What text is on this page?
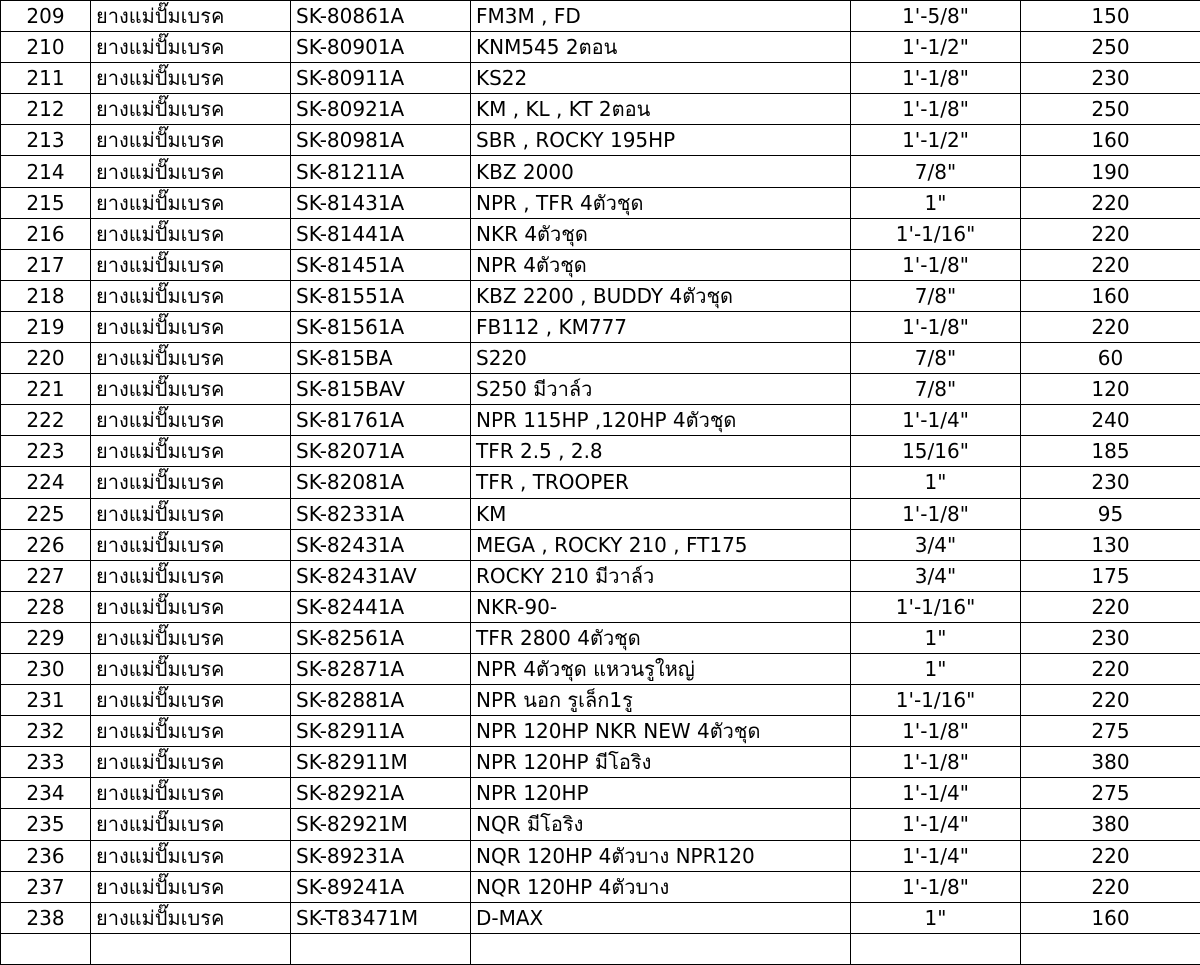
209	ยางแม่ปั๊มเบรค	SK-80861A	FM3M , FD	1'-5/8"	150
210	ยางแม่ปั๊มเบรค	SK-80901A	KNM545 2ตอน	1'-1/2"	250
211	ยางแม่ปั๊มเบรค	SK-80911A	KS22	1'-1/8"	230
212	ยางแม่ปั๊มเบรค	SK-80921A	KM , KL , KT 2ตอน	1'-1/8"	250
213	ยางแม่ปั๊มเบรค	SK-80981A	SBR , ROCKY 195HP	1'-1/2"	160
214	ยางแม่ปั๊มเบรค	SK-81211A	KBZ 2000	7/8"	190
215	ยางแม่ปั๊มเบรค	SK-81431A	NPR , TFR 4ตัวชุด	1"	220
216	ยางแม่ปั๊มเบรค	SK-81441A	NKR 4ตัวชุด	1'-1/16"	220
217	ยางแม่ปั๊มเบรค	SK-81451A	NPR 4ตัวชุด	1'-1/8"	220
218	ยางแม่ปั๊มเบรค	SK-81551A	KBZ 2200 , BUDDY 4ตัวชุด	7/8"	160
219	ยางแม่ปั๊มเบรค	SK-81561A	FB112 , KM777	1'-1/8"	220
220	ยางแม่ปั๊มเบรค	SK-815BA	S220	7/8"	60
221	ยางแม่ปั๊มเบรค	SK-815BAV	S250 มีวาล์ว	7/8"	120
222	ยางแม่ปั๊มเบรค	SK-81761A	NPR 115HP ,120HP 4ตัวชุด	1'-1/4"	240
223	ยางแม่ปั๊มเบรค	SK-82071A	TFR 2.5 , 2.8	15/16"	185
224	ยางแม่ปั๊มเบรค	SK-82081A	TFR , TROOPER	1"	230
225	ยางแม่ปั๊มเบรค	SK-82331A	KM	1'-1/8"	95
226	ยางแม่ปั๊มเบรค	SK-82431A	MEGA , ROCKY 210 , FT175	3/4"	130
227	ยางแม่ปั๊มเบรค	SK-82431AV	ROCKY 210 มีวาล์ว	3/4"	175
228	ยางแม่ปั๊มเบรค	SK-82441A	NKR-90-	1'-1/16"	220
229	ยางแม่ปั๊มเบรค	SK-82561A	TFR 2800 4ตัวชุด	1"	230
230	ยางแม่ปั๊มเบรค	SK-82871A	NPR 4ตัวชุด แหวนรูใหญ่	1"	220
231	ยางแม่ปั๊มเบรค	SK-82881A	NPR นอก รูเล็ก1รู	1'-1/16"	220
232	ยางแม่ปั๊มเบรค	SK-82911A	NPR 120HP NKR NEW 4ตัวชุด	1'-1/8"	275
233	ยางแม่ปั๊มเบรค	SK-82911M	NPR 120HP มีโอริง	1'-1/8"	380
234	ยางแม่ปั๊มเบรค	SK-82921A	NPR 120HP	1'-1/4"	275
235	ยางแม่ปั๊มเบรค	SK-82921M	NQR มีโอริง	1'-1/4"	380
236	ยางแม่ปั๊มเบรค	SK-89231A	NQR 120HP 4ตัวบาง NPR120	1'-1/4"	220
237	ยางแม่ปั๊มเบรค	SK-89241A	NQR 120HP 4ตัวบาง	1'-1/8"	220
238	ยางแม่ปั๊มเบรค	SK-T83471M	D-MAX	1"	160
